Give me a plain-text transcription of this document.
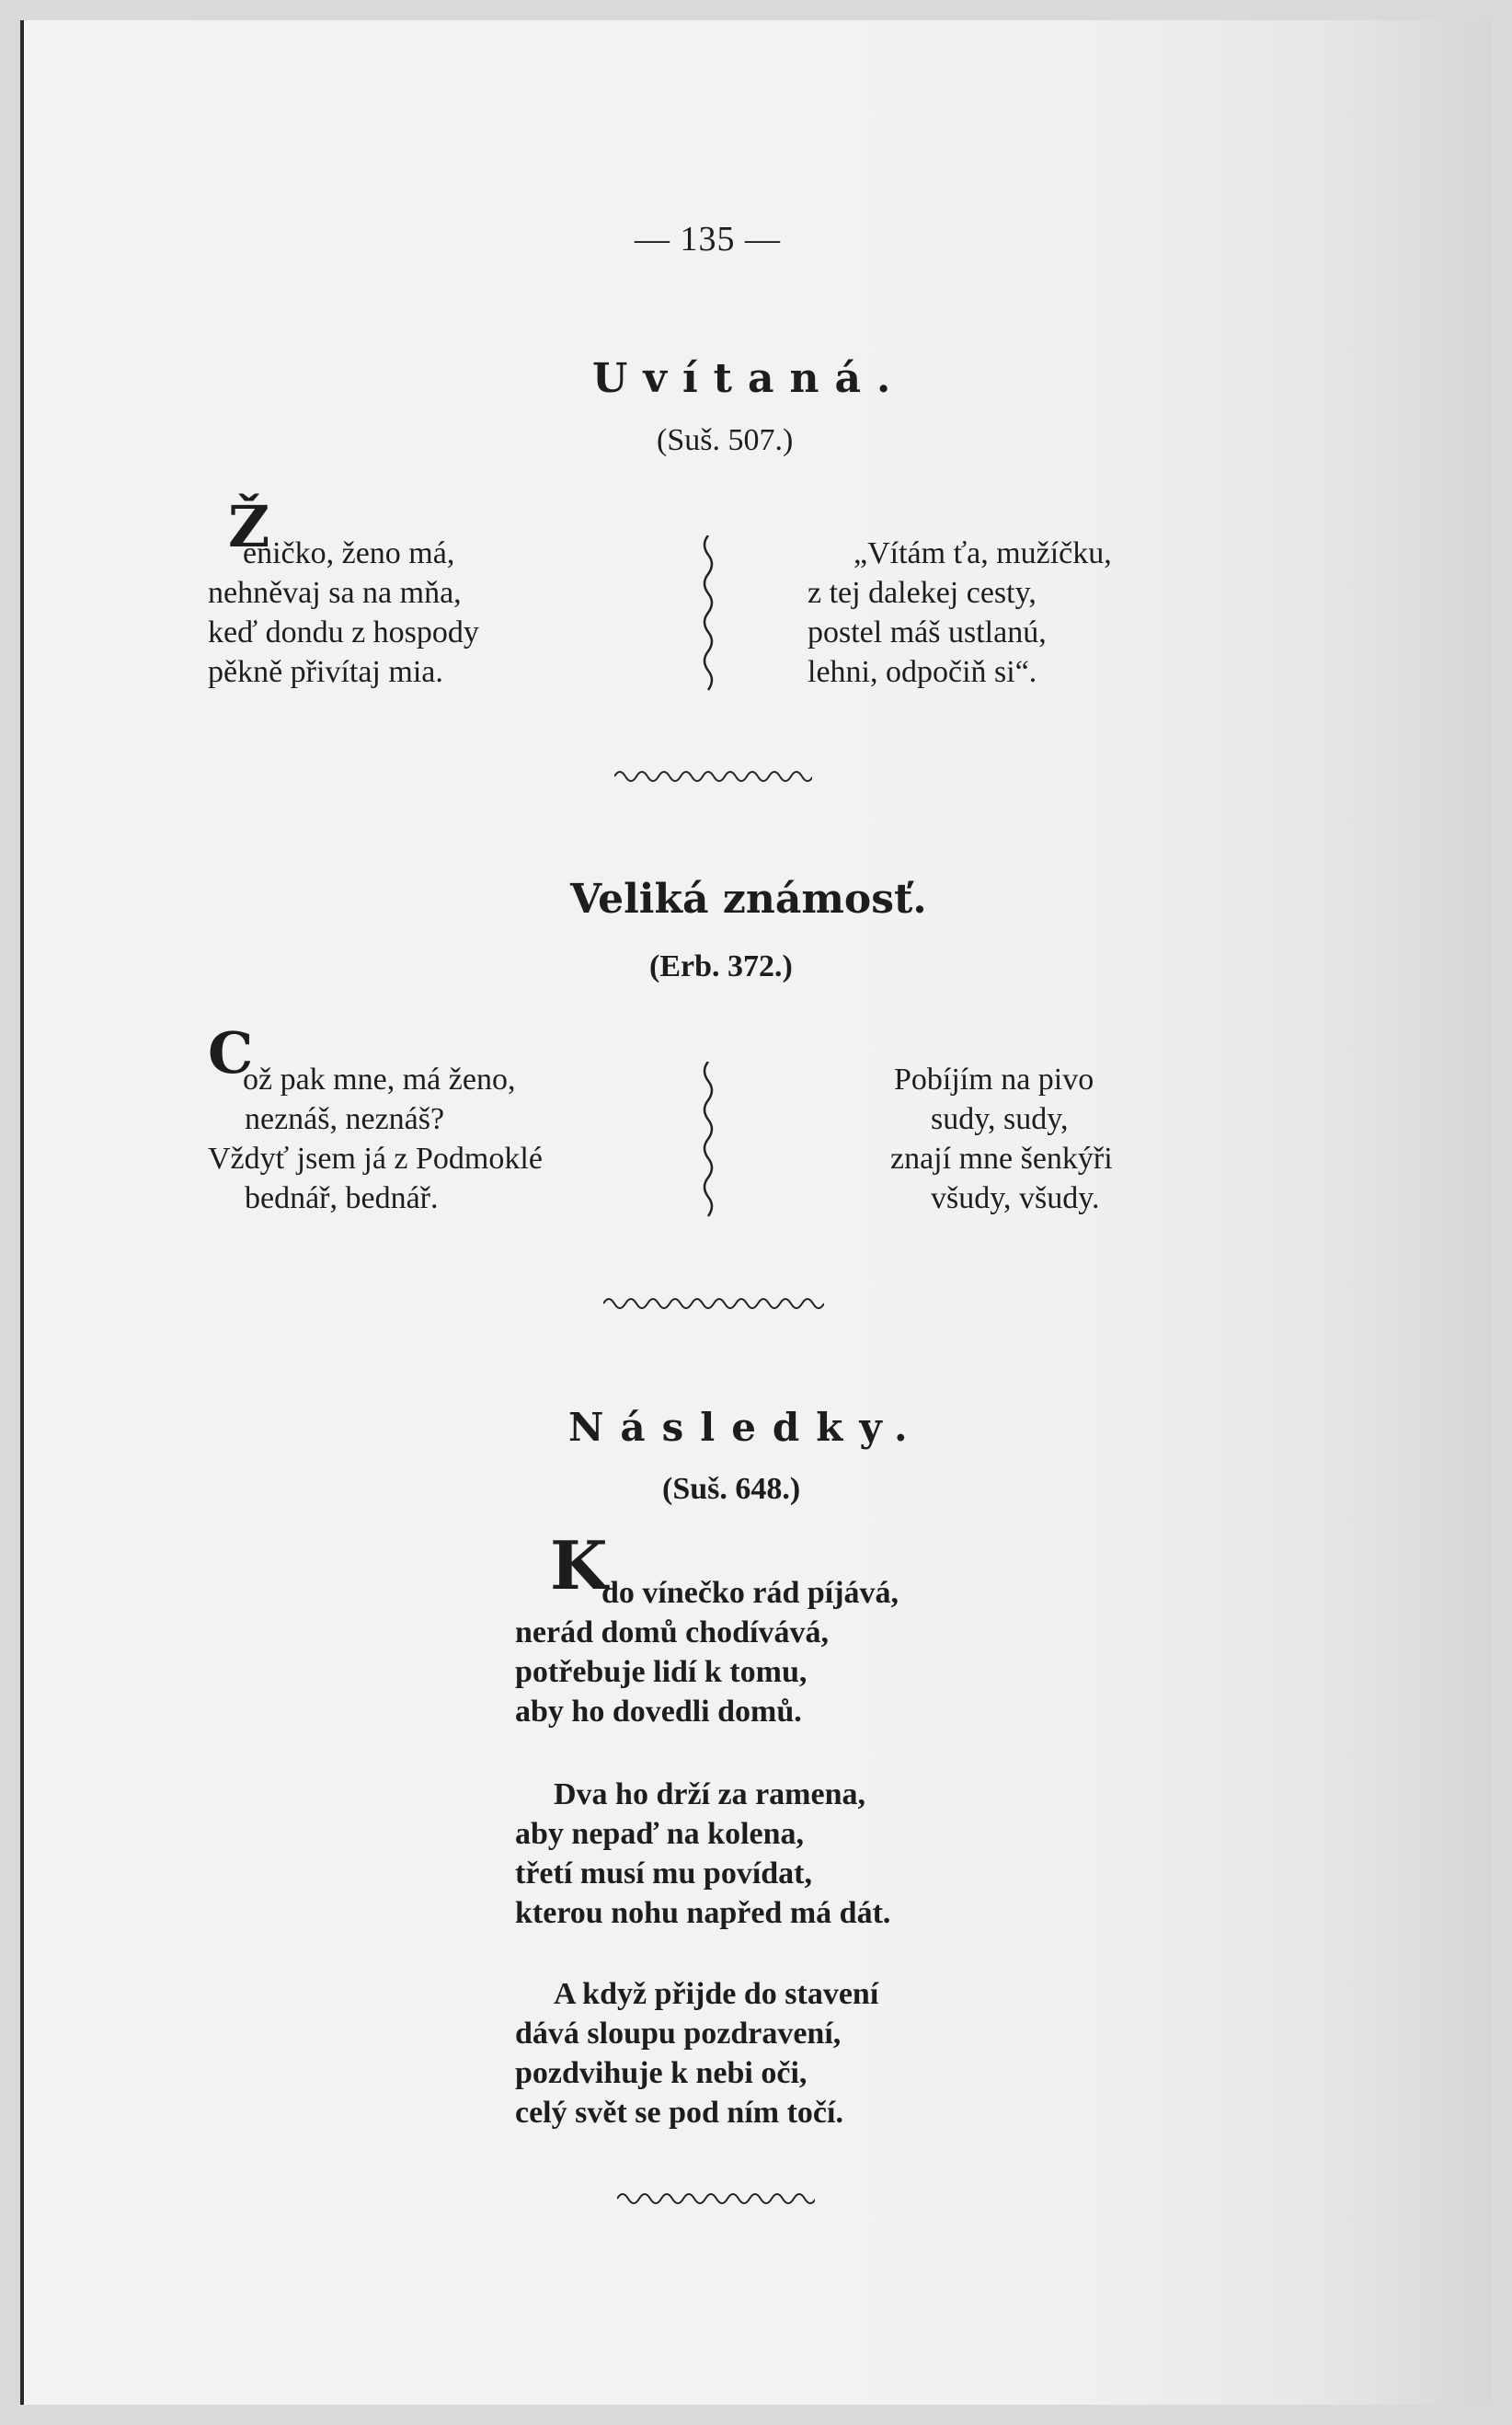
— 135 —
Uvítaná.
(Suš. 507.)
Ž
eničko, ženo má,
nehněvaj sa na mňa,
keď dondu z hospody
pěkně přivítaj mia.
„Vítám ťa, mužíčku,
z tej dalekej cesty,
postel máš ustlanú,
lehni, odpočiň si“.
Veliká známosť.
(Erb. 372.)
C
ož pak mne, má ženo,
neznáš, neznáš?
Vždyť jsem já z Podmoklé
bednář, bednář.
Pobíjím na pivo
sudy, sudy,
znají mne šenkýři
všudy, všudy.
Následky.
(Suš. 648.)
K
do vínečko rád píjává,
nerád domů chodívává,
potřebuje lidí k tomu,
aby ho dovedli domů.
Dva ho drží za ramena,
aby nepaď na kolena,
třetí musí mu povídat,
kterou nohu napřed má dát.
A když přijde do stavení
dává sloupu pozdravení,
pozdvihuje k nebi oči,
celý svět se pod ním točí.
